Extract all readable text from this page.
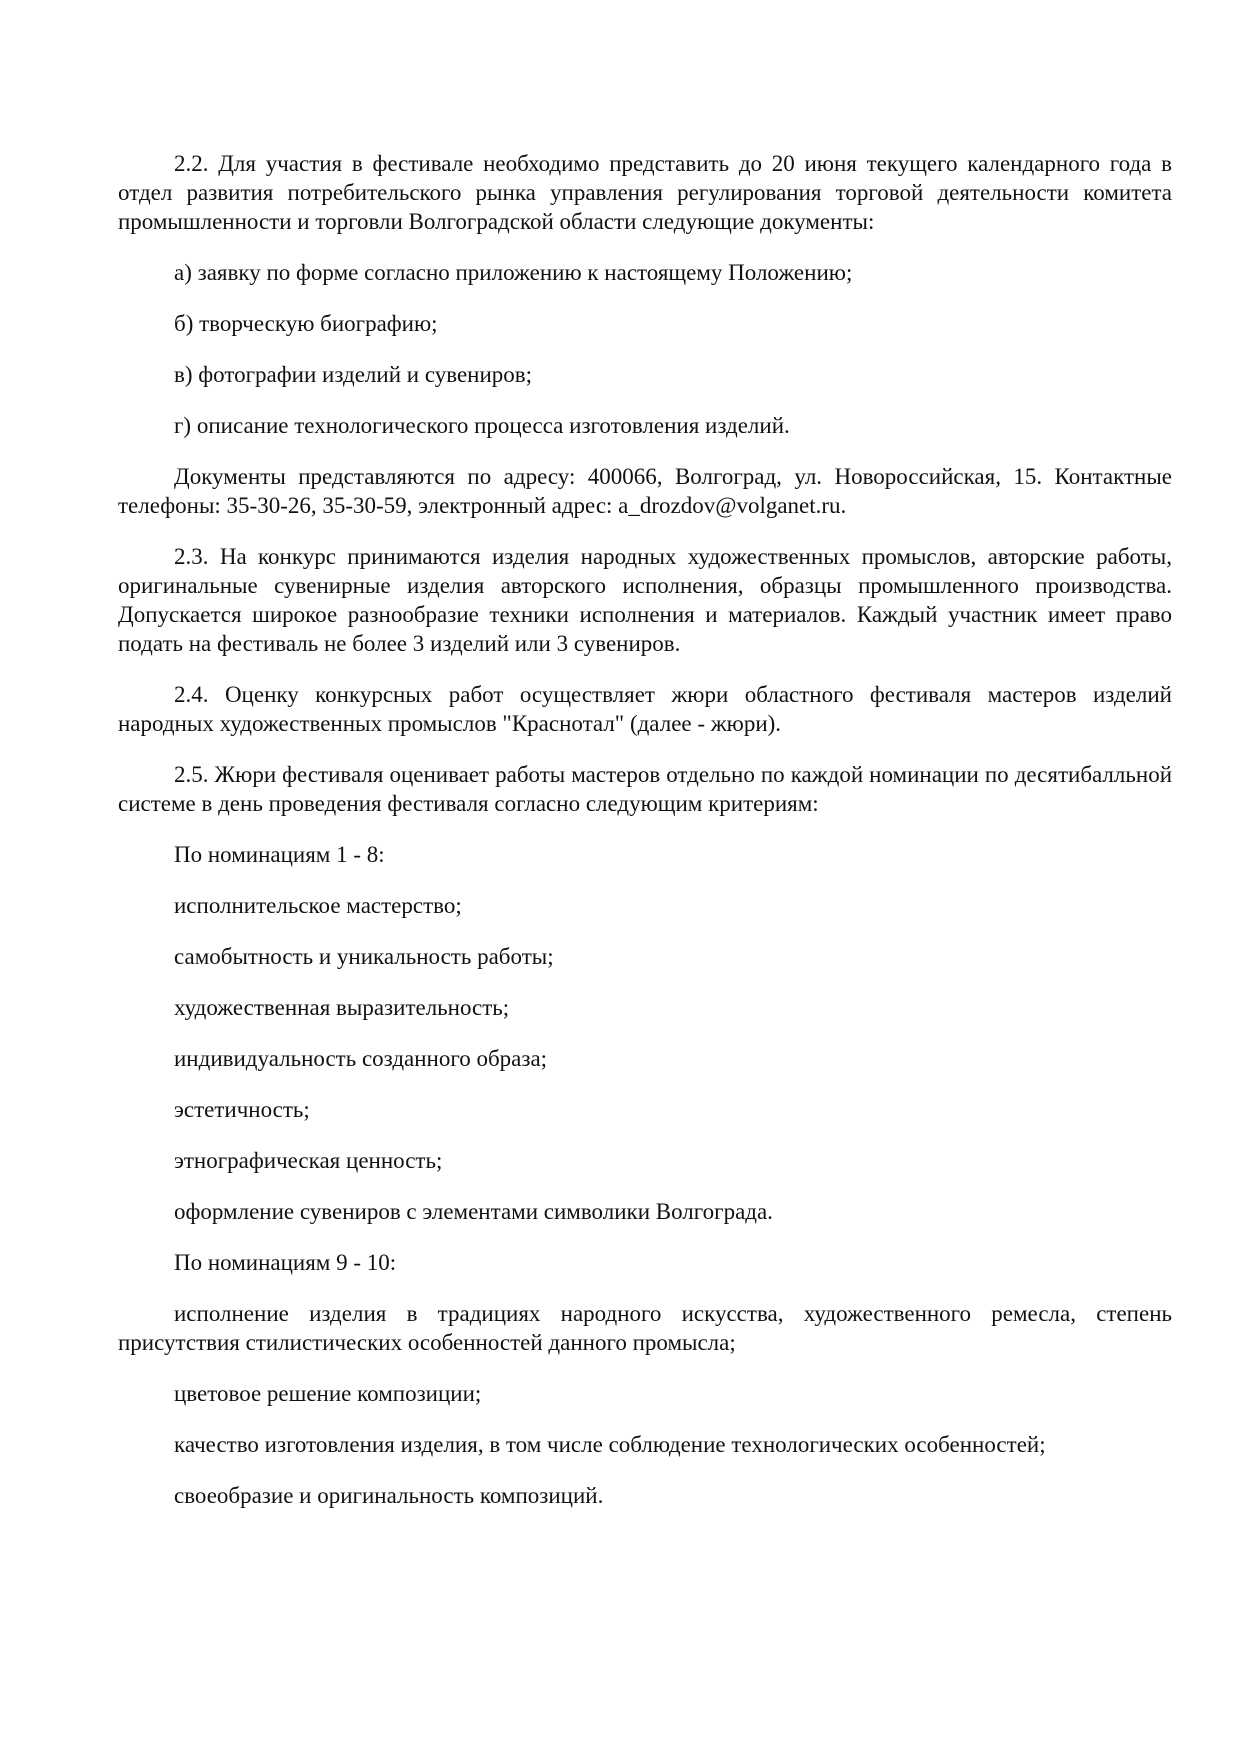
2.2. Для участия в фестивале необходимо представить до 20 июня текущего календарного года в отдел развития потребительского рынка управления регулирования торговой деятельности комитета промышленности и торговли Волгоградской области следующие документы:

а) заявку по форме согласно приложению к настоящему Положению;

б) творческую биографию;

в) фотографии изделий и сувениров;

г) описание технологического процесса изготовления изделий.

Документы представляются по адресу: 400066, Волгоград, ул. Новороссийская, 15. Контактные телефоны: 35-30-26, 35-30-59, электронный адрес: a_drozdov@volganet.ru.

2.3. На конкурс принимаются изделия народных художественных промыслов, авторские работы, оригинальные сувенирные изделия авторского исполнения, образцы промышленного производства. Допускается широкое разнообразие техники исполнения и материалов. Каждый участник имеет право подать на фестиваль не более 3 изделий или 3 сувениров.

2.4. Оценку конкурсных работ осуществляет жюри областного фестиваля мастеров изделий народных художественных промыслов "Краснотал" (далее - жюри).

2.5. Жюри фестиваля оценивает работы мастеров отдельно по каждой номинации по десятибалльной системе в день проведения фестиваля согласно следующим критериям:

По номинациям 1 - 8:

исполнительское мастерство;

самобытность и уникальность работы;

художественная выразительность;

индивидуальность созданного образа;

эстетичность;

этнографическая ценность;

оформление сувениров с элементами символики Волгограда.

По номинациям 9 - 10:

исполнение изделия в традициях народного искусства, художественного ремесла, степень присутствия стилистических особенностей данного промысла;

цветовое решение композиции;

качество изготовления изделия, в том числе соблюдение технологических особенностей;

своеобразие и оригинальность композиций.
